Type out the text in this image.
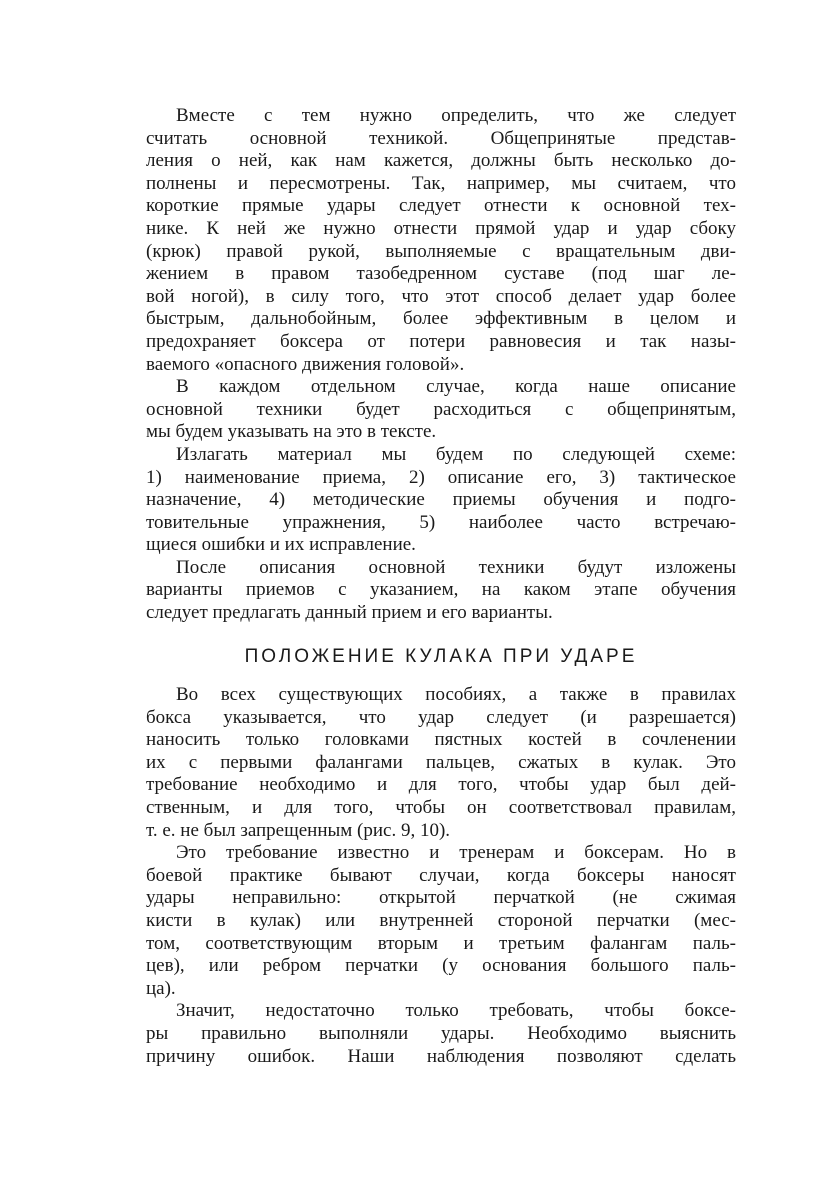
Вместе с тем нужно определить, что же следует
считать основной техникой. Общепринятые представ-
ления о ней, как нам кажется, должны быть несколько до-
полнены и пересмотрены. Так, например, мы считаем, что
короткие прямые удары следует отнести к основной тех-
нике. К ней же нужно отнести прямой удар и удар сбоку
(крюк) правой рукой, выполняемые с вращательным дви-
жением в правом тазобедренном суставе (под шаг ле-
вой ногой), в силу того, что этот способ делает удар более
быстрым, дальнобойным, более эффективным в целом и
предохраняет боксера от потери равновесия и так назы-
ваемого «опасного движения головой».
В каждом отдельном случае, когда наше описание
основной техники будет расходиться с общепринятым,
мы будем указывать на это в тексте.
Излагать материал мы будем по следующей схеме:
1) наименование приема, 2) описание его, 3) тактическое
назначение, 4) методические приемы обучения и подго-
товительные упражнения, 5) наиболее часто встречаю-
щиеся ошибки и их исправление.
После описания основной техники будут изложены
варианты приемов с указанием, на каком этапе обучения
следует предлагать данный прием и его варианты.
ПОЛОЖЕНИЕ КУЛАКА ПРИ УДАРЕ
Во всех существующих пособиях, а также в правилах
бокса указывается, что удар следует (и разрешается)
наносить только головками пястных костей в сочленении
их с первыми фалангами пальцев, сжатых в кулак. Это
требование необходимо и для того, чтобы удар был дей-
ственным, и для того, чтобы он соответствовал правилам,
т. е. не был запрещенным (рис. 9, 10).
Это требование известно и тренерам и боксерам. Но в
боевой практике бывают случаи, когда боксеры наносят
удары неправильно: открытой перчаткой (не сжимая
кисти в кулак) или внутренней стороной перчатки (мес-
том, соответствующим вторым и третьим фалангам паль-
цев), или ребром перчатки (у основания большого паль-
ца).
Значит, недостаточно только требовать, чтобы боксе-
ры правильно выполняли удары. Необходимо выяснить
причину ошибок. Наши наблюдения позволяют сделать
